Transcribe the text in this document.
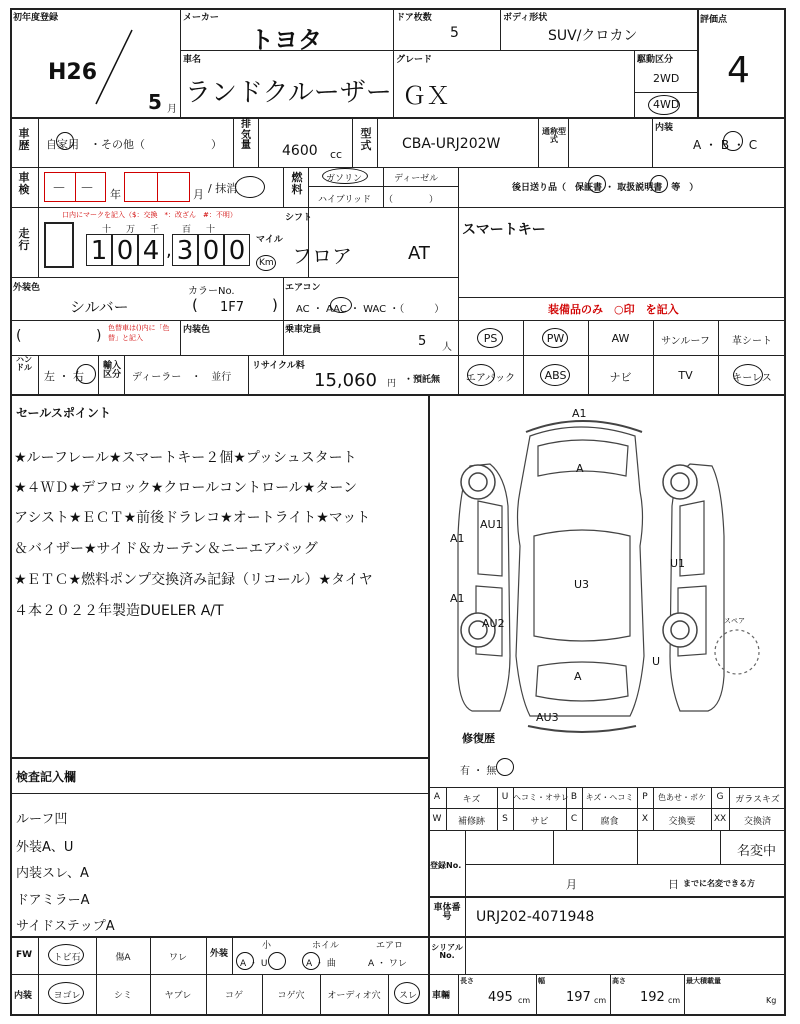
初年度登録
H26
5 月
メーカー
トヨタ
ドア枚数
5
ボディ形状
SUV/クロカン
評価点
4
車名
ランドクルーザー
グレード
ＧＸ
駆動区分
2WD
4WD
車歴	自家用　・その他（　　　　　　）
排気量 4600 cc
型式 CBA-URJ202W
通称型式
内装
A ・ B ・ C
車検	－　－ 年	月 / 抹消
燃料
ガソリン	ディーゼル
ハイブリッド （　　　　）
後日送り品（　保証書 ・ 取扱説明書　等　）
走行
口内にマークを記入（$：交換　*：改ざん　#：不明）
十 万 千	百 十
1 0 4 , 3 0 0	マイル
Km
シフト
フロア	AT
スマートキー
外装色
シルバー
カラーNo.
( 1F7 )
エアコン
AC ・ AAC ・ WAC ・（　　　）	装備品のみ　○印　を記入
(	) 色替車は()内に「色替」と記入
内装色	乗車定員
5 人
PS	PW	AW	サンルーフ	革シート
エアバック	ABS	ナビ	TV	キーレス
ハンドル
左 ・ 右
輸入区分	ディーラー　・　並行
リサイクル料
15,060 円 ・預託無
セールスポイント
★ルーフレール★スマートキー２個★プッシュスタート
★４ＷＤ★デフロック★クロールコントロール★ターン
アシスト★ＥＣＴ★前後ドラレコ★オートライト★マット
＆バイザー★サイド＆カーテン＆ニーエアバッグ
★ＥＴＣ★燃料ポンプ交換済み記録（リコール）★タイヤ
４本２０２２年製造DUELER A/T
A1
A
AU1
A1
U3
U1
A1
AU2
A
U
AU3
スペア
修復歴
有 ・ 無
A	キズ	U ヘコミ・オサレ B	キズ・ヘコミ P	色あせ・ボケ	G	ガラスキズ
W	補修跡	S	サビ	C	腐食	X	交換要	XX	交換済
検査記入欄
ルーフ凹
外装A、U
内装スレ、A
ドアミラーA
サイドステップA
登録No.
名変中
月	日 までに名変できる方
車体番号	URJ202-4071948
シリアルNo.
FW	トビ石	傷A	ワレ	外装
小	ホイル	エアロ
A ・ U	A ・ 曲	A ・ ワレ
内装	ヨゴレ	シミ	ヤブレ	コゲ	コゲ穴	オーディオ穴	スレ	車輛
長さ
495 cm
幅
197 cm
高さ
192 cm
最大積載量
Kg
